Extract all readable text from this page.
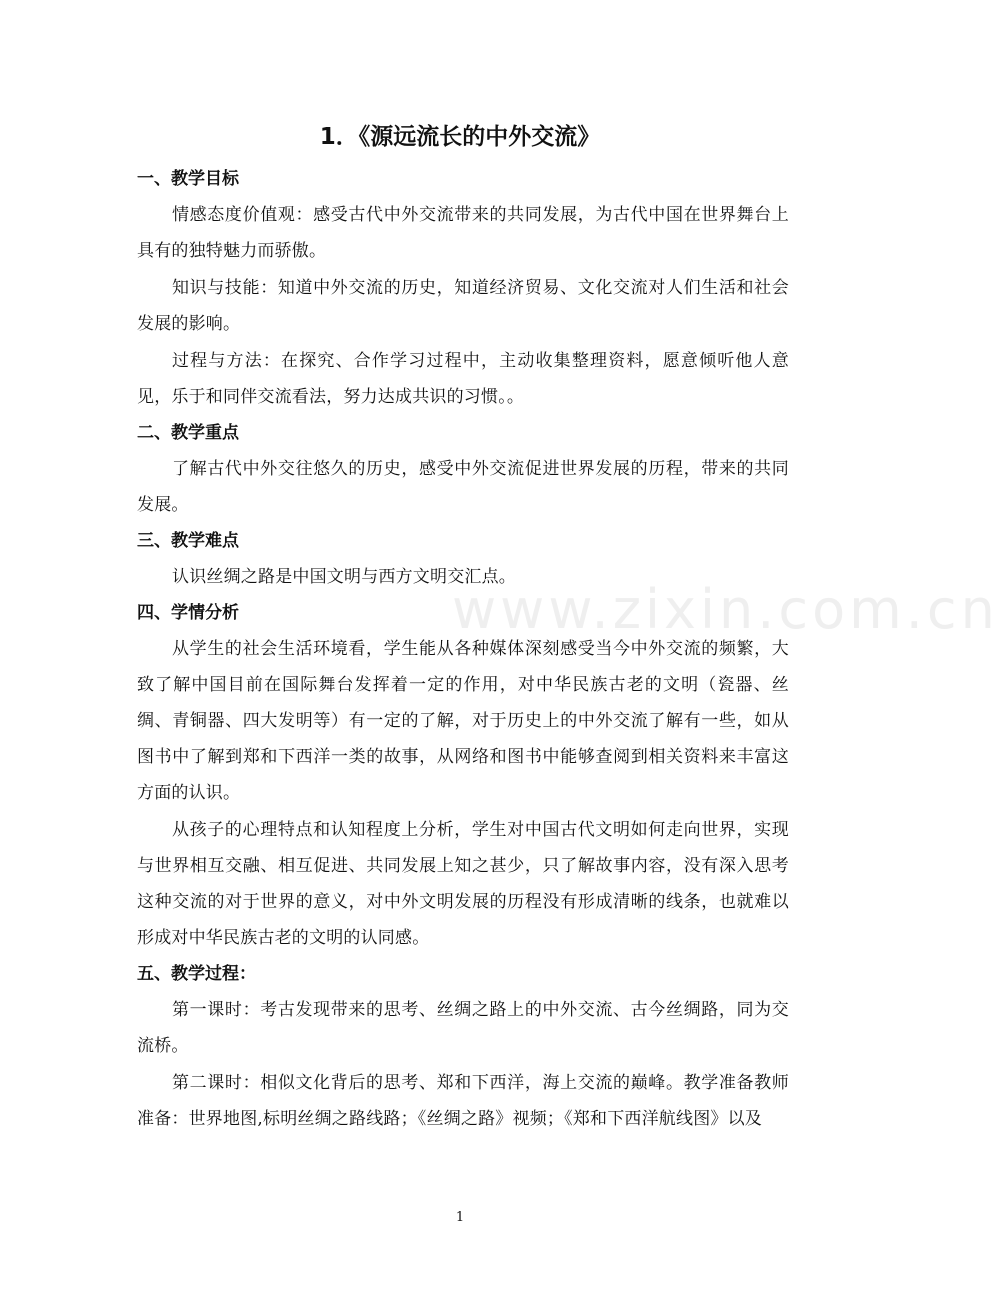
www.zixin.com.cn
1．《源远流长的中外交流》
一、教学目标

情感态度价值观：感受古代中外交流带来的共同发展，为古代中国在世界舞台上具有的独特魅力而骄傲。

知识与技能：知道中外交流的历史，知道经济贸易、文化交流对人们生活和社会发展的影响。

过程与方法：在探究、合作学习过程中，主动收集整理资料，愿意倾听他人意见，乐于和同伴交流看法，努力达成共识的习惯。。

二、教学重点

了解古代中外交往悠久的历史，感受中外交流促进世界发展的历程，带来的共同发展。

三、教学难点

认识丝绸之路是中国文明与西方文明交汇点。

四、学情分析

从学生的社会生活环境看，学生能从各种媒体深刻感受当今中外交流的频繁，大致了解中国目前在国际舞台发挥着一定的作用，对中华民族古老的文明（瓷器、丝绸、青铜器、四大发明等）有一定的了解，对于历史上的中外交流了解有一些，如从图书中了解到郑和下西洋一类的故事，从网络和图书中能够查阅到相关资料来丰富这方面的认识。

从孩子的心理特点和认知程度上分析，学生对中国古代文明如何走向世界，实现与世界相互交融、相互促进、共同发展上知之甚少，只了解故事内容，没有深入思考这种交流的对于世界的意义，对中外文明发展的历程没有形成清晰的线条，也就难以形成对中华民族古老的文明的认同感。

五、教学过程：

第一课时：考古发现带来的思考、丝绸之路上的中外交流、古今丝绸路，同为交流桥。

第二课时：相似文化背后的思考、郑和下西洋，海上交流的巅峰。教学准备教师准备：世界地图,标明丝绸之路线路；《丝绸之路》视频；《郑和下西洋航线图》以及

1
